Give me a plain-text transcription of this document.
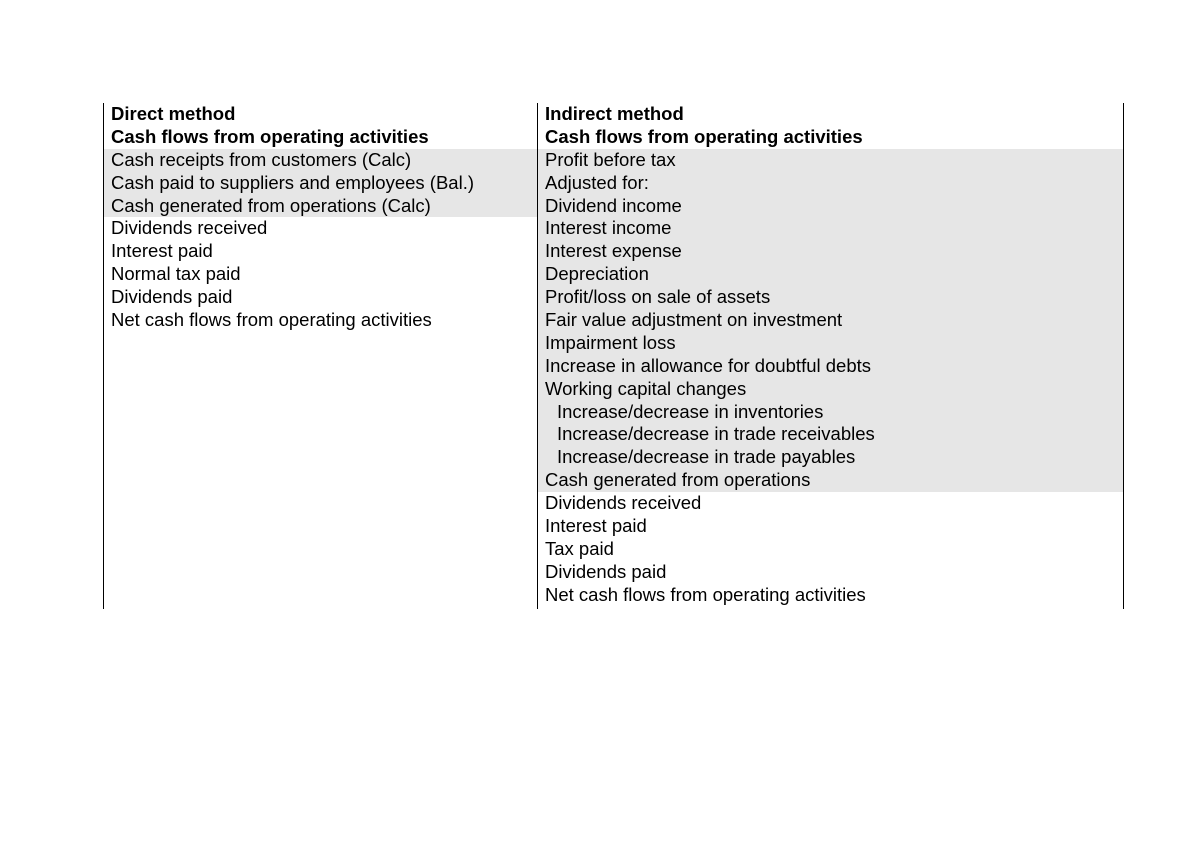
Direct method
Cash flows from operating activities
Cash receipts from customers (Calc)
Cash paid to suppliers and employees (Bal.)
Cash generated from operations (Calc)
Dividends received
Interest paid
Normal tax paid
Dividends paid
Net cash flows from operating activities
Indirect method
Cash flows from operating activities
Profit before tax
Adjusted for:
Dividend income
Interest income
Interest expense
Depreciation
Profit/loss on sale of assets
Fair value adjustment on investment
Impairment loss
Increase in allowance for doubtful debts
Working capital changes
Increase/decrease in inventories
Increase/decrease in trade receivables
Increase/decrease in trade payables
Cash generated from operations
Dividends received
Interest paid
Tax paid
Dividends paid
Net cash flows from operating activities
